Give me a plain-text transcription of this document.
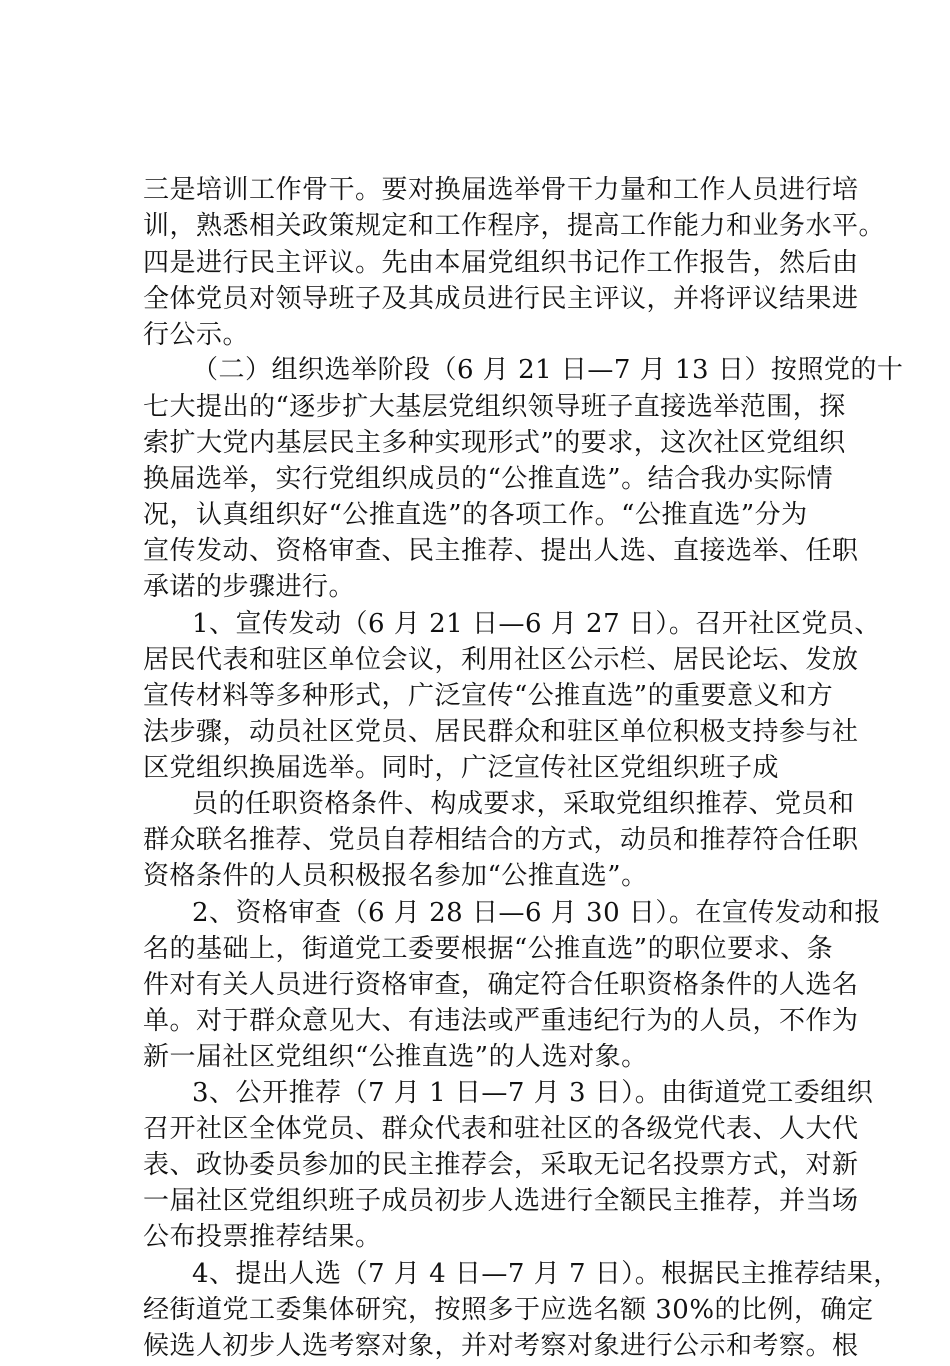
三是培训工作骨干。要对换届选举骨干力量和工作人员进行培
训，熟悉相关政策规定和工作程序，提高工作能力和业务水平。
四是进行民主评议。先由本届党组织书记作工作报告，然后由
全体党员对领导班子及其成员进行民主评议，并将评议结果进
行公示。
（二）组织选举阶段（6 月 21 日—7 月 13 日）按照党的十
七大提出的“逐步扩大基层党组织领导班子直接选举范围，探
索扩大党内基层民主多种实现形式”的要求，这次社区党组织
换届选举，实行党组织成员的“公推直选”。结合我办实际情
况，认真组织好“公推直选”的各项工作。“公推直选”分为
宣传发动、资格审查、民主推荐、提出人选、直接选举、任职
承诺的步骤进行。
1、宣传发动（6 月 21 日—6 月 27 日）。召开社区党员、
居民代表和驻区单位会议，利用社区公示栏、居民论坛、发放
宣传材料等多种形式，广泛宣传“公推直选”的重要意义和方
法步骤，动员社区党员、居民群众和驻区单位积极支持参与社
区党组织换届选举。同时，广泛宣传社区党组织班子成
员的任职资格条件、构成要求，采取党组织推荐、党员和
群众联名推荐、党员自荐相结合的方式，动员和推荐符合任职
资格条件的人员积极报名参加“公推直选”。
2、资格审查（6 月 28 日—6 月 30 日）。在宣传发动和报
名的基础上，街道党工委要根据“公推直选”的职位要求、条
件对有关人员进行资格审查，确定符合任职资格条件的人选名
单。对于群众意见大、有违法或严重违纪行为的人员，不作为
新一届社区党组织“公推直选”的人选对象。
3、公开推荐（7 月 1 日—7 月 3 日）。由街道党工委组织
召开社区全体党员、群众代表和驻社区的各级党代表、人大代
表、政协委员参加的民主推荐会，采取无记名投票方式，对新
一届社区党组织班子成员初步人选进行全额民主推荐，并当场
公布投票推荐结果。
4、提出人选（7 月 4 日—7 月 7 日）。根据民主推荐结果，
经街道党工委集体研究，按照多于应选名额 30%的比例，确定
候选人初步人选考察对象，并对考察对象进行公示和考察。根
